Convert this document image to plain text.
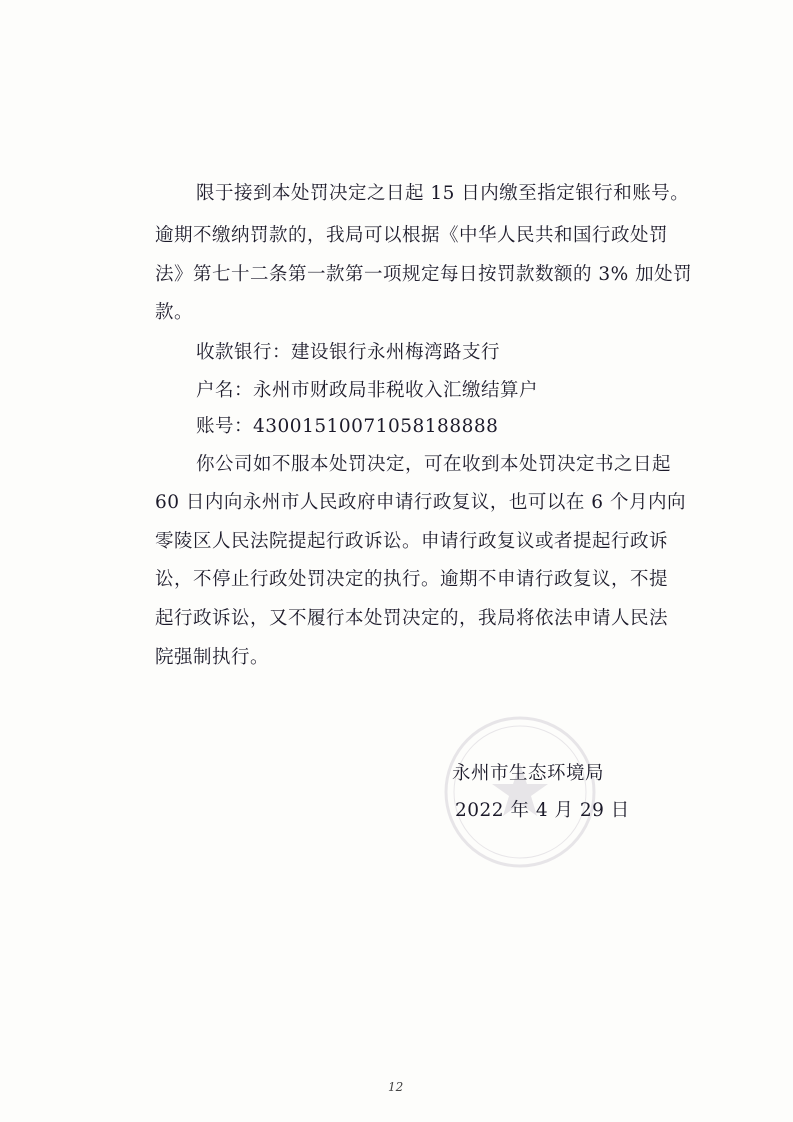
限于接到本处罚决定之日起 15 日内缴至指定银行和账号。
逾期不缴纳罚款的，我局可以根据《中华人民共和国行政处罚
法》第七十二条第一款第一项规定每日按罚款数额的 3% 加处罚
款。
收款银行：建设银行永州梅湾路支行
户名：永州市财政局非税收入汇缴结算户
账号：43001510071058188888
你公司如不服本处罚决定，可在收到本处罚决定书之日起
60 日内向永州市人民政府申请行政复议，也可以在 6 个月内向
零陵区人民法院提起行政诉讼。申请行政复议或者提起行政诉
讼，不停止行政处罚决定的执行。逾期不申请行政复议，不提
起行政诉讼，又不履行本处罚决定的，我局将依法申请人民法
院强制执行。
永州市生态环境局
2022 年 4 月 29 日
12
